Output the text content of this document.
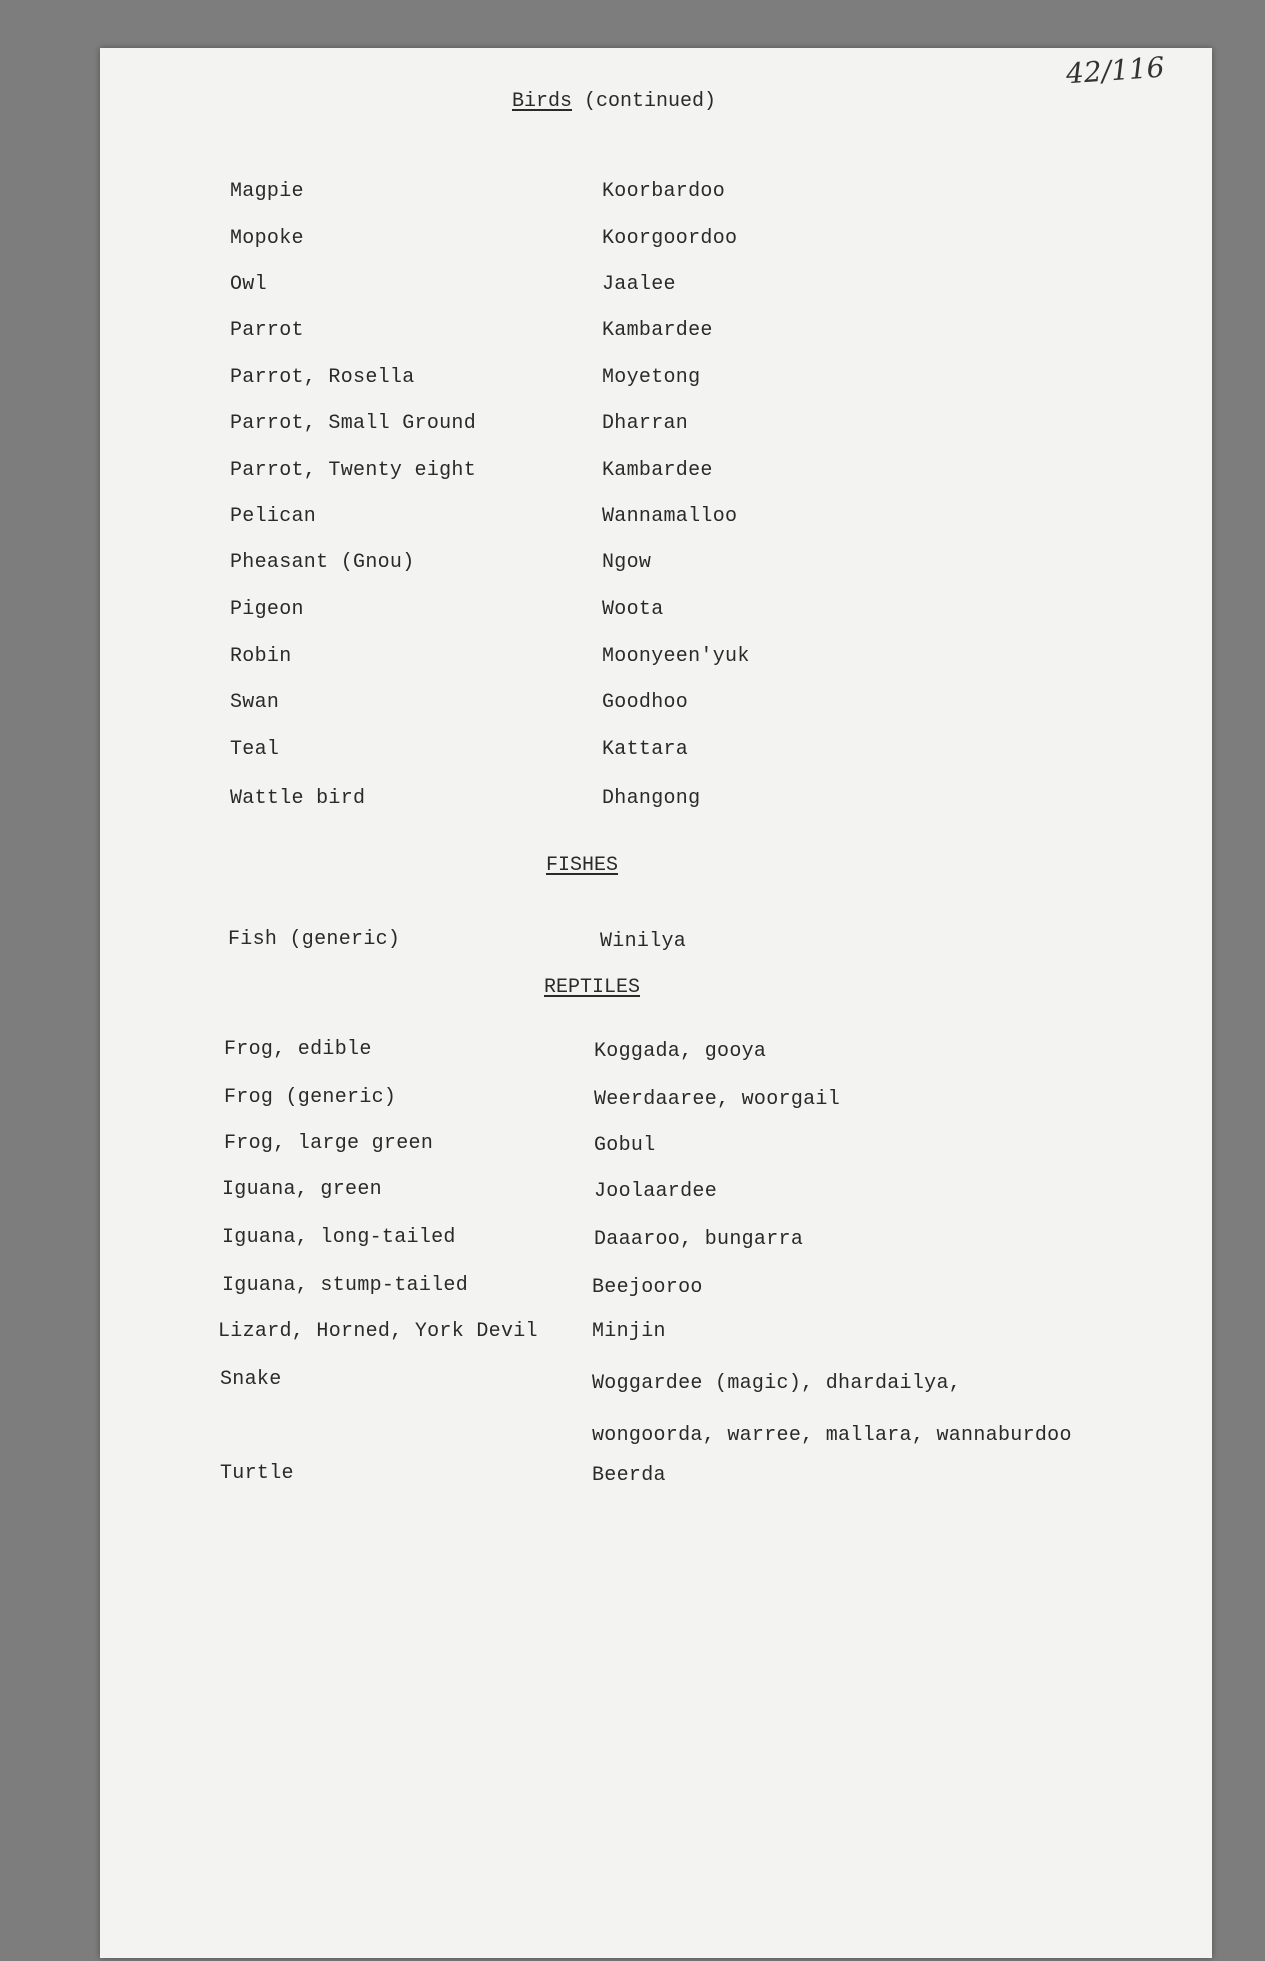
42/116
Birds (continued)
Magpie	Koorbardoo
Mopoke	Koorgoordoo
Owl	Jaalee
Parrot	Kambardee
Parrot, Rosella	Moyetong
Parrot, Small Ground	Dharran
Parrot, Twenty eight	Kambardee
Pelican	Wannamalloo
Pheasant (Gnou)	Ngow
Pigeon	Woota
Robin	Moonyeen'yuk
Swan	Goodhoo
Teal	Kattara
Wattle bird	Dhangong
FISHES
Fish (generic)	Winilya
REPTILES
Frog, edible	Koggada, gooya
Frog (generic)	Weerdaaree, woorgail
Frog, large green	Gobul
Iguana, green	Joolaardee
Iguana, long-tailed	Daaaroo, bungarra
Iguana, stump-tailed	Beejooroo
Lizard, Horned, York Devil	Minjin
Snake	Woggardee (magic), dhardailya,
wongoorda, warree, mallara, wannaburdoo
Turtle	Beerda
